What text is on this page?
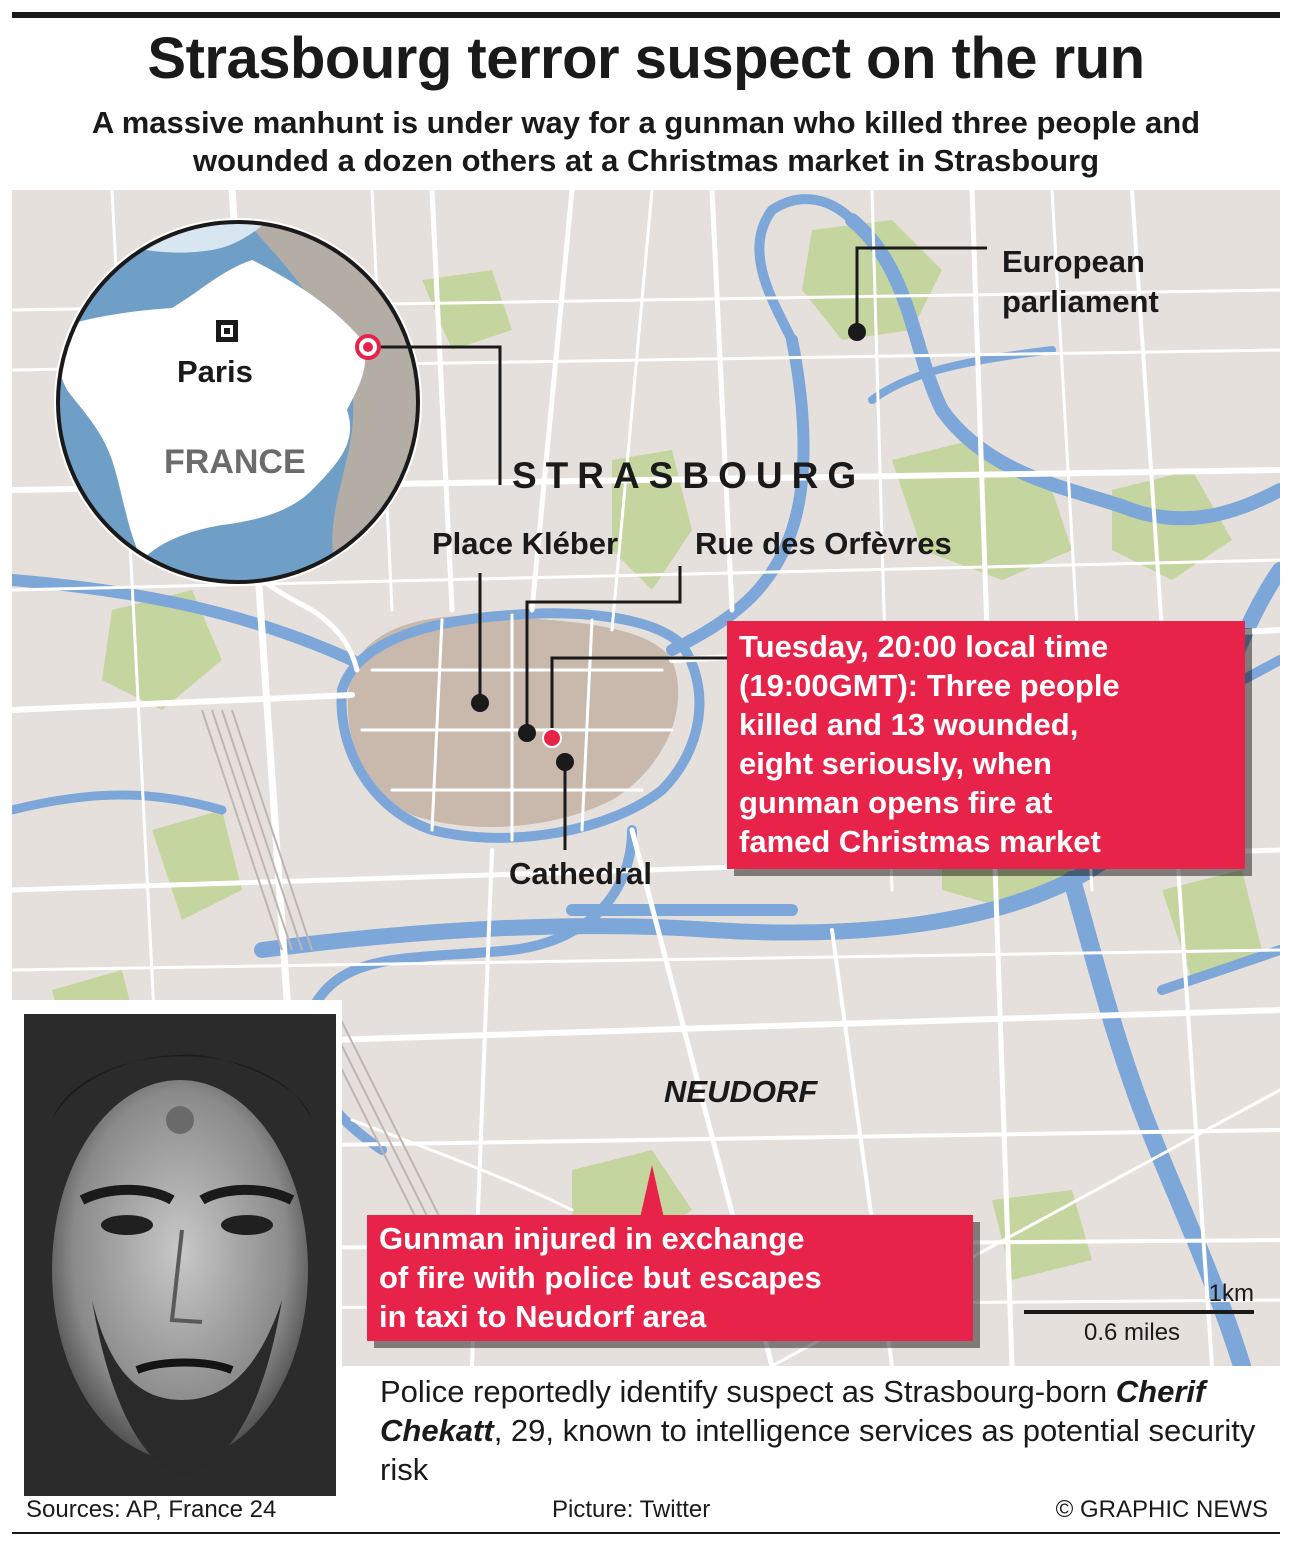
Strasbourg terror suspect on the run
A massive manhunt is under way for a gunman who killed three people and wounded a dozen others at a Christmas market in Strasbourg
Paris
FRANCE	STRASBOURG
Place Kléber Rue des Orfèvres
Cathedral
European
parliament
NEUDORF
Tuesday, 20:00 local time
(19:00GMT): Three people
killed and 13 wounded,
eight seriously, when
gunman opens fire at
famed Christmas market
Gunman injured in exchange
of fire with police but escapes
in taxi to Neudorf area
1km
0.6 miles
Police reportedly identify suspect as Strasbourg-born Cherif Chekatt, 29, known to intelligence services as potential security risk
Sources: AP, France 24	Picture: Twitter	© GRAPHIC NEWS
